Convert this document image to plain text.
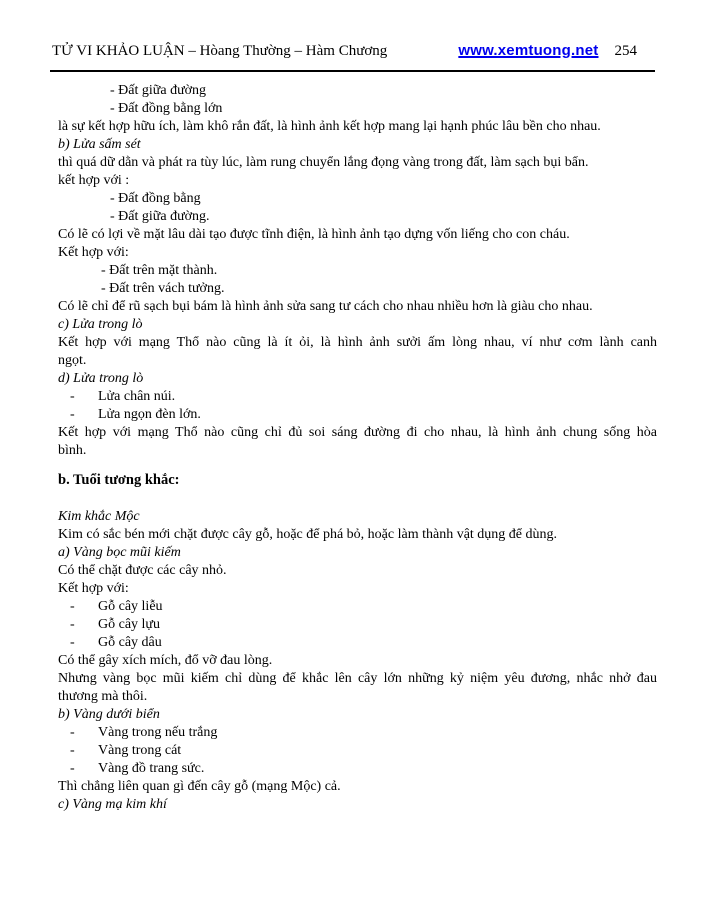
TỬ VI KHẢO LUẬN – Hòang Thường – Hàm Chương	www.xemtuong.net 254
- Đất giữa đường
- Đất đồng bằng lớn
là sự kết hợp hữu ích, làm khô rắn đất, là hình ảnh kết hợp mang lại hạnh phúc lâu bền cho nhau.
b) Lửa sấm sét
thì quá dữ dằn và phát ra tùy lúc, làm rung chuyển lắng đọng vàng trong đất, làm sạch bụi bẩn.
kết hợp với :
- Đất đồng bằng
- Đất giữa đường.
Có lẽ có lợi về mặt lâu dài tạo được tĩnh điện, là hình ảnh tạo dựng vốn liếng cho con cháu.
Kết hợp với:
- Đất trên mặt thành.
- Đất trên vách tưởng.
Có lẽ chỉ để rũ sạch bụi bám là hình ảnh sửa sang tư cách cho nhau nhiều hơn là giàu cho nhau.
c) Lửa trong lò
Kết hợp với mạng Thổ nào cũng là ít ỏi, là hình ảnh sưởi ấm lòng nhau, ví như cơm lành canh
ngọt.
d) Lửa trong lò
-	Lửa chân núi.
-	Lửa ngọn đèn lớn.
Kết hợp với mạng Thổ nào cũng chỉ đủ soi sáng đường đi cho nhau, là hình ảnh chung sống hòa
bình.
b. Tuổi tương khắc:
Kim khắc Mộc
Kim có sắc bén mới chặt được cây gỗ, hoặc để phá bỏ, hoặc làm thành vật dụng để dùng.
a) Vàng bọc mũi kiếm
Có thể chặt được các cây nhỏ.
Kết hợp với:
-	Gỗ cây liễu
-	Gỗ cây lựu
-	Gỗ cây dâu
Có thể gây xích mích, đổ vỡ đau lòng.
Nhưng vàng bọc mũi kiếm chỉ dùng để khắc lên cây lớn những kỷ niệm yêu đương, nhắc nhở đau
thương mà thôi.
b) Vàng dưới biển
-	Vàng trong nếu trắng
-	Vàng trong cát
-	Vàng đồ trang sức.
Thì chẳng liên quan gì đến cây gỗ (mạng Mộc) cả.
c) Vàng mạ kim khí
